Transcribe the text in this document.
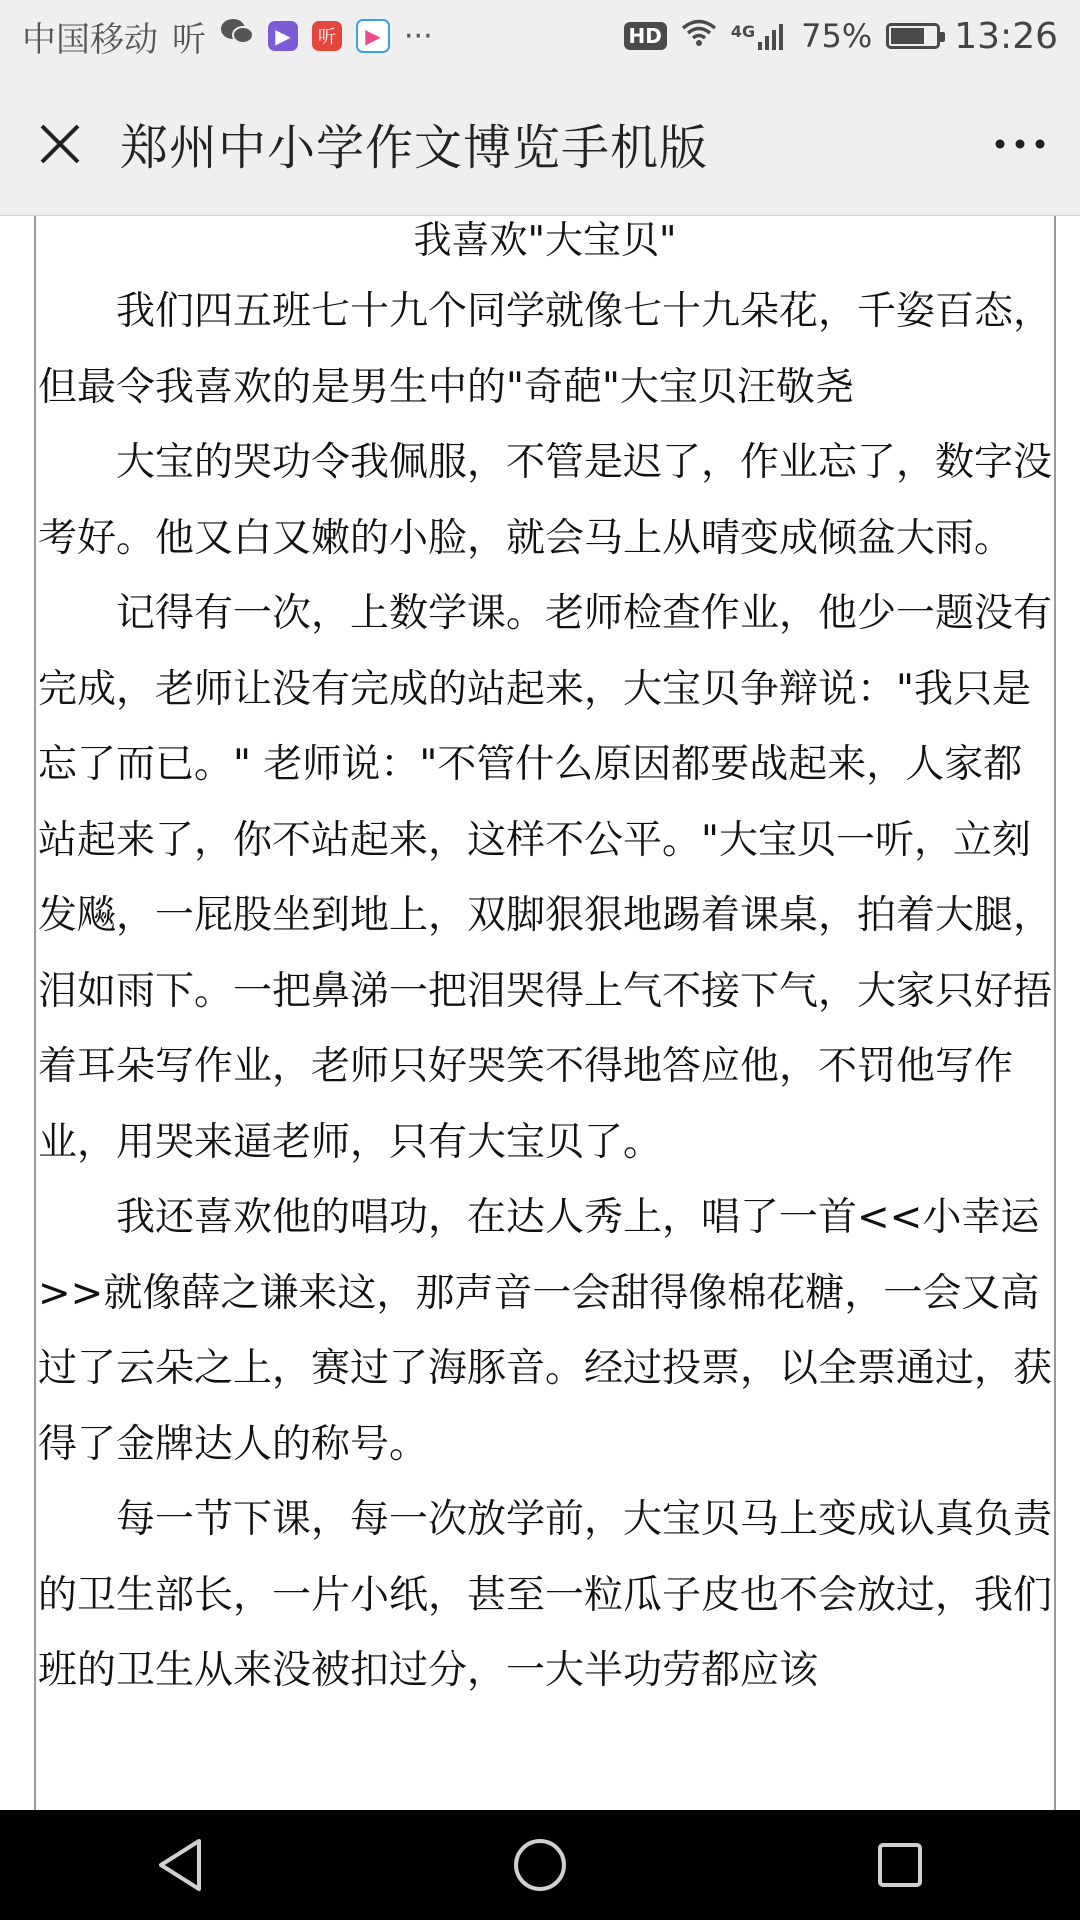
中国移动 听	▶	听	▶ ···	HD	4G 75% 13:26
郑州中小学作文博览手机版
我喜欢"大宝贝"

我们四五班七十九个同学就像七十九朵花，千姿百态，但最令我喜欢的是男生中的"奇葩"大宝贝汪敬尧

大宝的哭功令我佩服，不管是迟了，作业忘了，数字没考好。他又白又嫩的小脸，就会马上从晴变成倾盆大雨。

记得有一次，上数学课。老师检查作业，他少一题没有完成，老师让没有完成的站起来，大宝贝争辩说："我只是忘了而已。" 老师说："不管什么原因都要战起来，人家都站起来了，你不站起来，这样不公平。"大宝贝一听，立刻发飚，一屁股坐到地上，双脚狠狠地踢着课桌，拍着大腿，泪如雨下。一把鼻涕一把泪哭得上气不接下气，大家只好捂着耳朵写作业，老师只好哭笑不得地答应他，不罚他写作业，用哭来逼老师，只有大宝贝了。

我还喜欢他的唱功，在达人秀上，唱了一首<<小幸运>>就像薛之谦来这，那声音一会甜得像棉花糖，一会又高过了云朵之上，赛过了海豚音。经过投票，以全票通过，获得了金牌达人的称号。

每一节下课，每一次放学前，大宝贝马上变成认真负责的卫生部长，一片小纸，甚至一粒瓜子皮也不会放过，我们班的卫生从来没被扣过分，一大半功劳都应该
